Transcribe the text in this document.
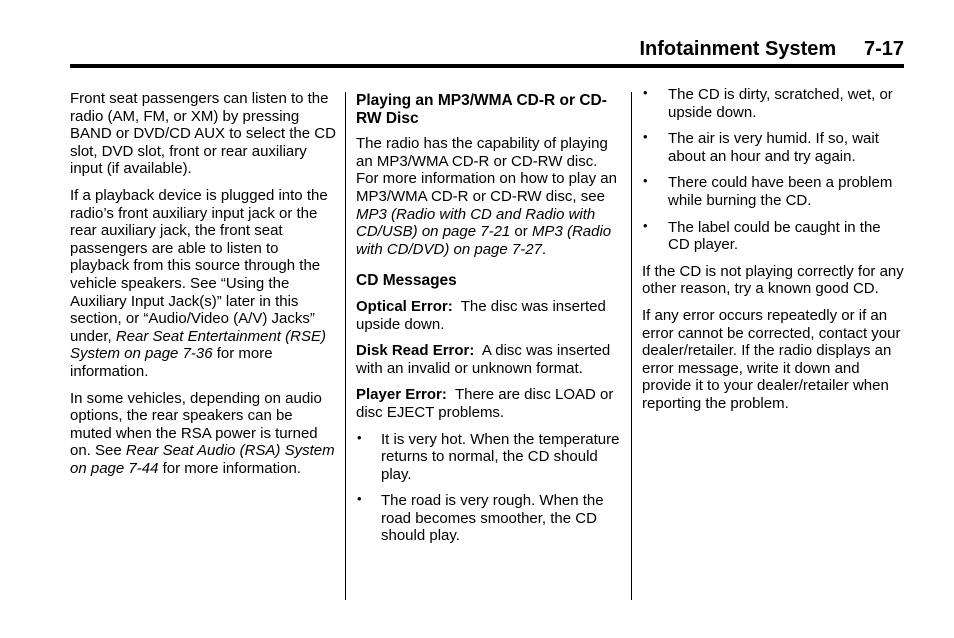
Infotainment System 7-17

Front seat passengers can listen to the radio (AM, FM, or XM) by pressing BAND or DVD/CD AUX to select the CD slot, DVD slot, front or rear auxiliary input (if available).

If a playback device is plugged into the radio’s front auxiliary input jack or the rear auxiliary jack, the front seat passengers are able to listen to playback from this source through the vehicle speakers. See “Using the Auxiliary Input Jack(s)” later in this section, or “Audio/Video (A/V) Jacks” under, Rear Seat Entertainment (RSE) System on page 7‑36 for more information.

In some vehicles, depending on audio options, the rear speakers can be muted when the RSA power is turned on. See Rear Seat Audio (RSA) System on page 7‑44 for more information.

Playing an MP3/WMA CD-R or CD-RW Disc

The radio has the capability of playing an MP3/WMA CD-R or CD-RW disc. For more information on how to play an MP3/WMA CD-R or CD-RW disc, see MP3 (Radio with CD and Radio with CD/USB) on page 7‑21 or MP3 (Radio with CD/DVD) on page 7‑27.

CD Messages

Optical Error:  The disc was inserted upside down.

Disk Read Error:  A disc was inserted with an invalid or unknown format.

Player Error:  There are disc LOAD or disc EJECT problems.

• It is very hot. When the temperature returns to normal, the CD should play.
• The road is very rough. When the road becomes smoother, the CD should play.
• The CD is dirty, scratched, wet, or upside down.
• The air is very humid. If so, wait about an hour and try again.
• There could have been a problem while burning the CD.
• The label could be caught in the CD player.

If the CD is not playing correctly for any other reason, try a known good CD.

If any error occurs repeatedly or if an error cannot be corrected, contact your dealer/retailer. If the radio displays an error message, write it down and provide it to your dealer/retailer when reporting the problem.
